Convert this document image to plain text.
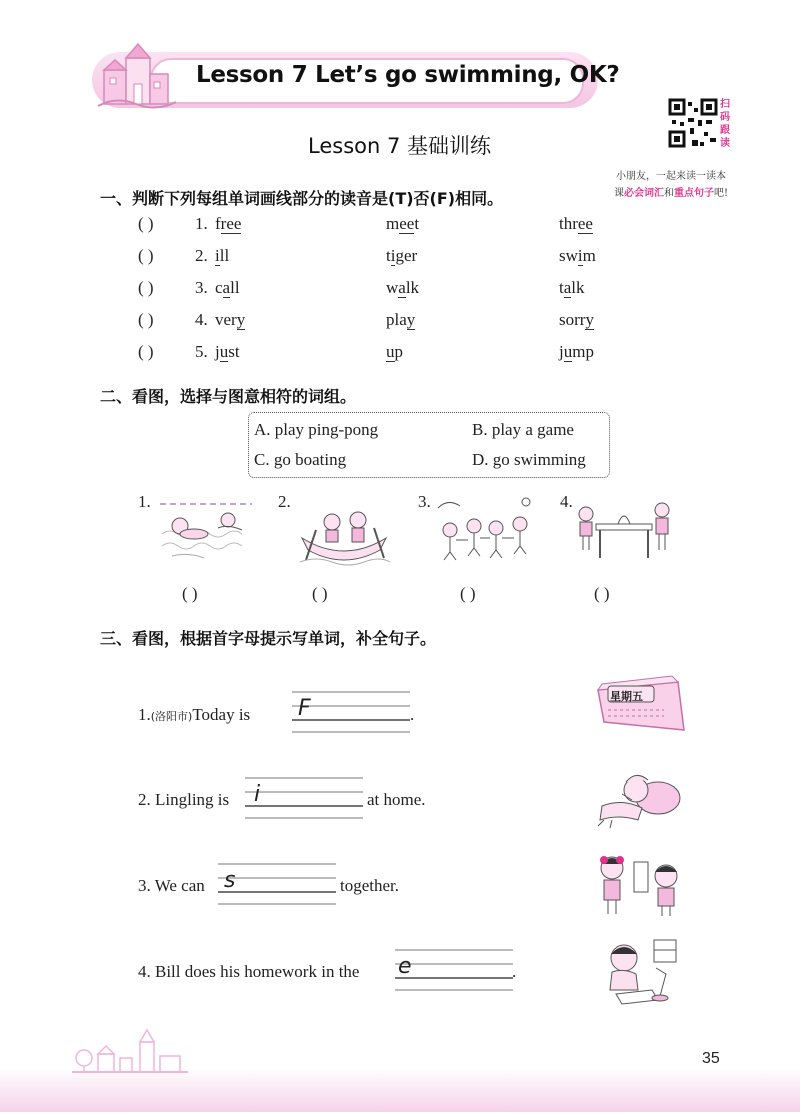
Lesson 7 Let’s go swimming, OK?
扫码跟读
Lesson 7 基础训练
小朋友，一起来读一读本
课必会词汇和重点句子吧!
一、判断下列每组单词画线部分的读音是(T)否(F)相同。
( ) 1. free	meet	three
( ) 2. ill	tiger	swim
( ) 3. call	walk	talk
( ) 4. very	play	sorry
( ) 5. just	up	jump
二、看图，选择与图意相符的词组。
A. play ping-pong	B. play a game
C. go boating	D. go swimming
1.
( )
2.
( )
3.
( )
4.
( )
三、看图，根据首字母提示写单词，补全句子。
1.(洛阳市)Today is F	.
星期五
2. Lingling is i	at home.
3. We can s	together.
4. Bill does his homework in the e	.
35
